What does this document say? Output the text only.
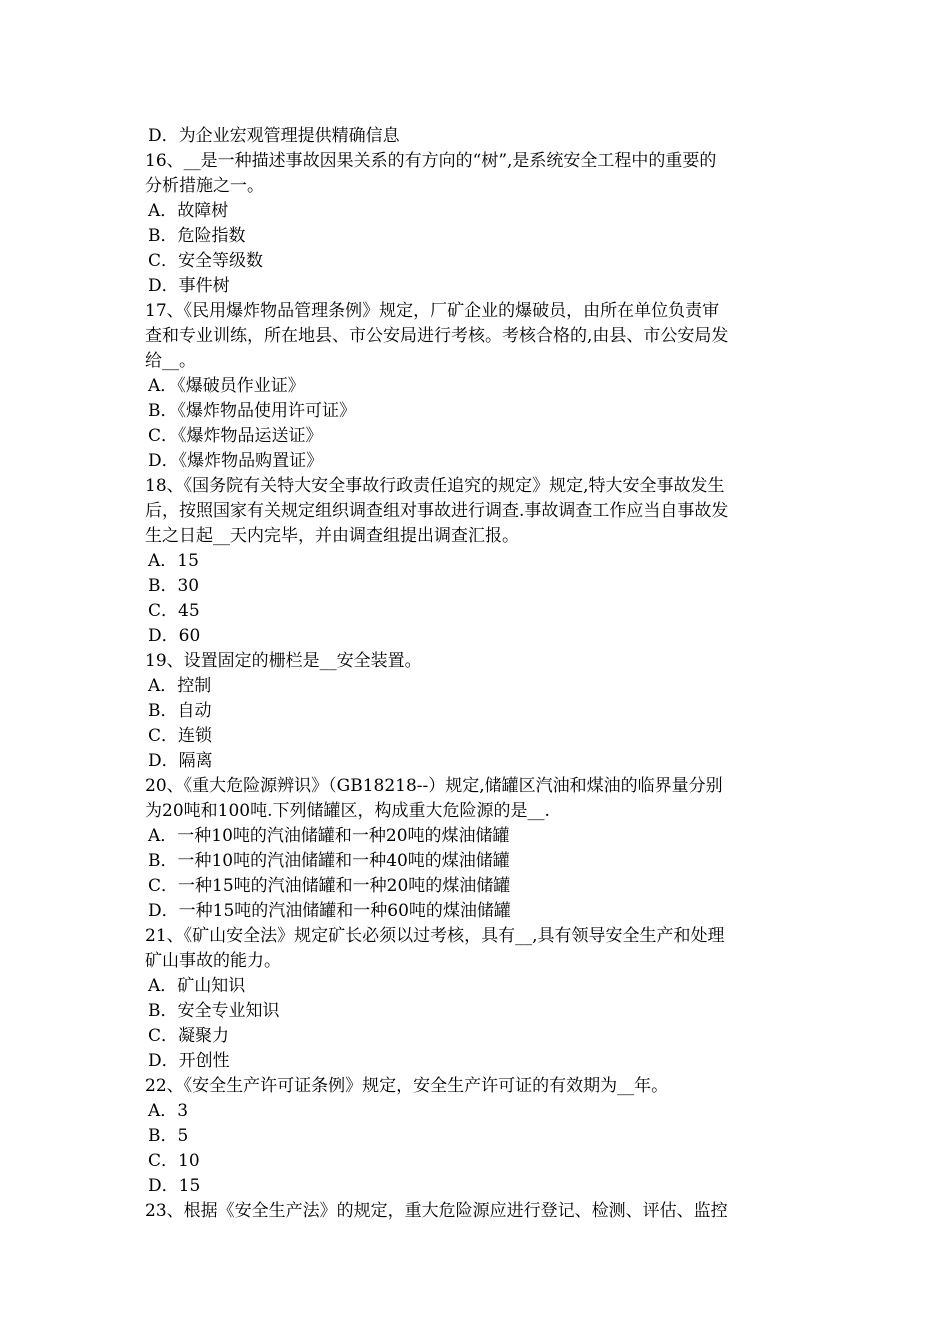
D．为企业宏观管理提供精确信息
16、__是一种描述事故因果关系的有方向的“树”,是系统安全工程中的重要的
分析措施之一。
A．故障树
B．危险指数
C．安全等级数
D．事件树
17、《民用爆炸物品管理条例》规定，厂矿企业的爆破员，由所在单位负责审
查和专业训练，所在地县、市公安局进行考核。考核合格的,由县、市公安局发
给__。
A．《爆破员作业证》
B．《爆炸物品使用许可证》
C．《爆炸物品运送证》
D．《爆炸物品购置证》
18、《国务院有关特大安全事故行政责任追究的规定》规定,特大安全事故发生
后，按照国家有关规定组织调查组对事故进行调查.事故调查工作应当自事故发
生之日起__天内完毕，并由调查组提出调查汇报。
A．15
B．30
C．45
D．60
19、设置固定的栅栏是__安全装置。
A．控制
B．自动
C．连锁
D．隔离
20、《重大危险源辨识》（GB18218--）规定,储罐区汽油和煤油的临界量分别
为20吨和100吨.下列储罐区，构成重大危险源的是__.
A．一种10吨的汽油储罐和一种20吨的煤油储罐
B．一种10吨的汽油储罐和一种40吨的煤油储罐
C．一种15吨的汽油储罐和一种20吨的煤油储罐
D．一种15吨的汽油储罐和一种60吨的煤油储罐
21、《矿山安全法》规定矿长必须以过考核，具有__,具有领导安全生产和处理
矿山事故的能力。
A．矿山知识
B．安全专业知识
C．凝聚力
D．开创性
22、《安全生产许可证条例》规定，安全生产许可证的有效期为__年。
A．3
B．5
C．10
D．15
23、根据《安全生产法》的规定，重大危险源应进行登记、检测、评估、监控
